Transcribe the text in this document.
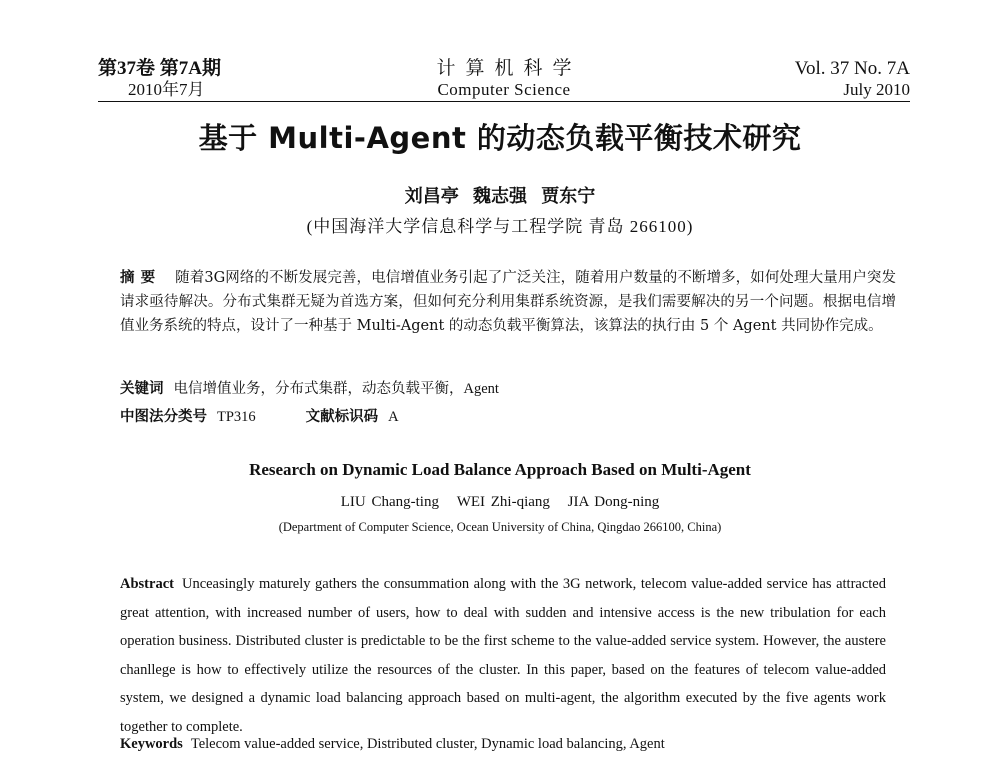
第37卷 第7A期
2010年7月
计算机科学
Computer Science
Vol. 37 No. 7A
July 2010
基于 Multi-Agent 的动态负载平衡技术研究
刘昌亭 魏志强 贾东宁
(中国海洋大学信息科学与工程学院 青岛 266100)

摘要 随着3G网络的不断发展完善，电信增值业务引起了广泛关注，随着用户数量的不断增多，如何处理大量用户突发请求亟待解决。分布式集群无疑为首选方案，但如何充分利用集群系统资源，是我们需要解决的另一个问题。根据电信增值业务系统的特点，设计了一种基于 Multi-Agent 的动态负载平衡算法，该算法的执行由 5 个 Agent 共同协作完成。

关键词 电信增值业务，分布式集群，动态负载平衡，Agent
中图法分类号 TP316	文献标识码 A
Research on Dynamic Load Balance Approach Based on Multi-Agent
LIU Chang-ting WEI Zhi-qiang JIA Dong-ning
(Department of Computer Science, Ocean University of China, Qingdao 266100, China)

Abstract Unceasingly maturely gathers the consummation along with the 3G network, telecom value-added service has attracted great attention, with increased number of users, how to deal with sudden and intensive access is the new tribulation for each operation business. Distributed cluster is predictable to be the first scheme to the value-added service system. However, the austere chanllege is how to effectively utilize the resources of the cluster. In this paper, based on the features of telecom value-added system, we designed a dynamic load balancing approach based on multi-agent, the algorithm executed by the five agents work together to complete.

Keywords Telecom value-added service, Distributed cluster, Dynamic load balancing, Agent
